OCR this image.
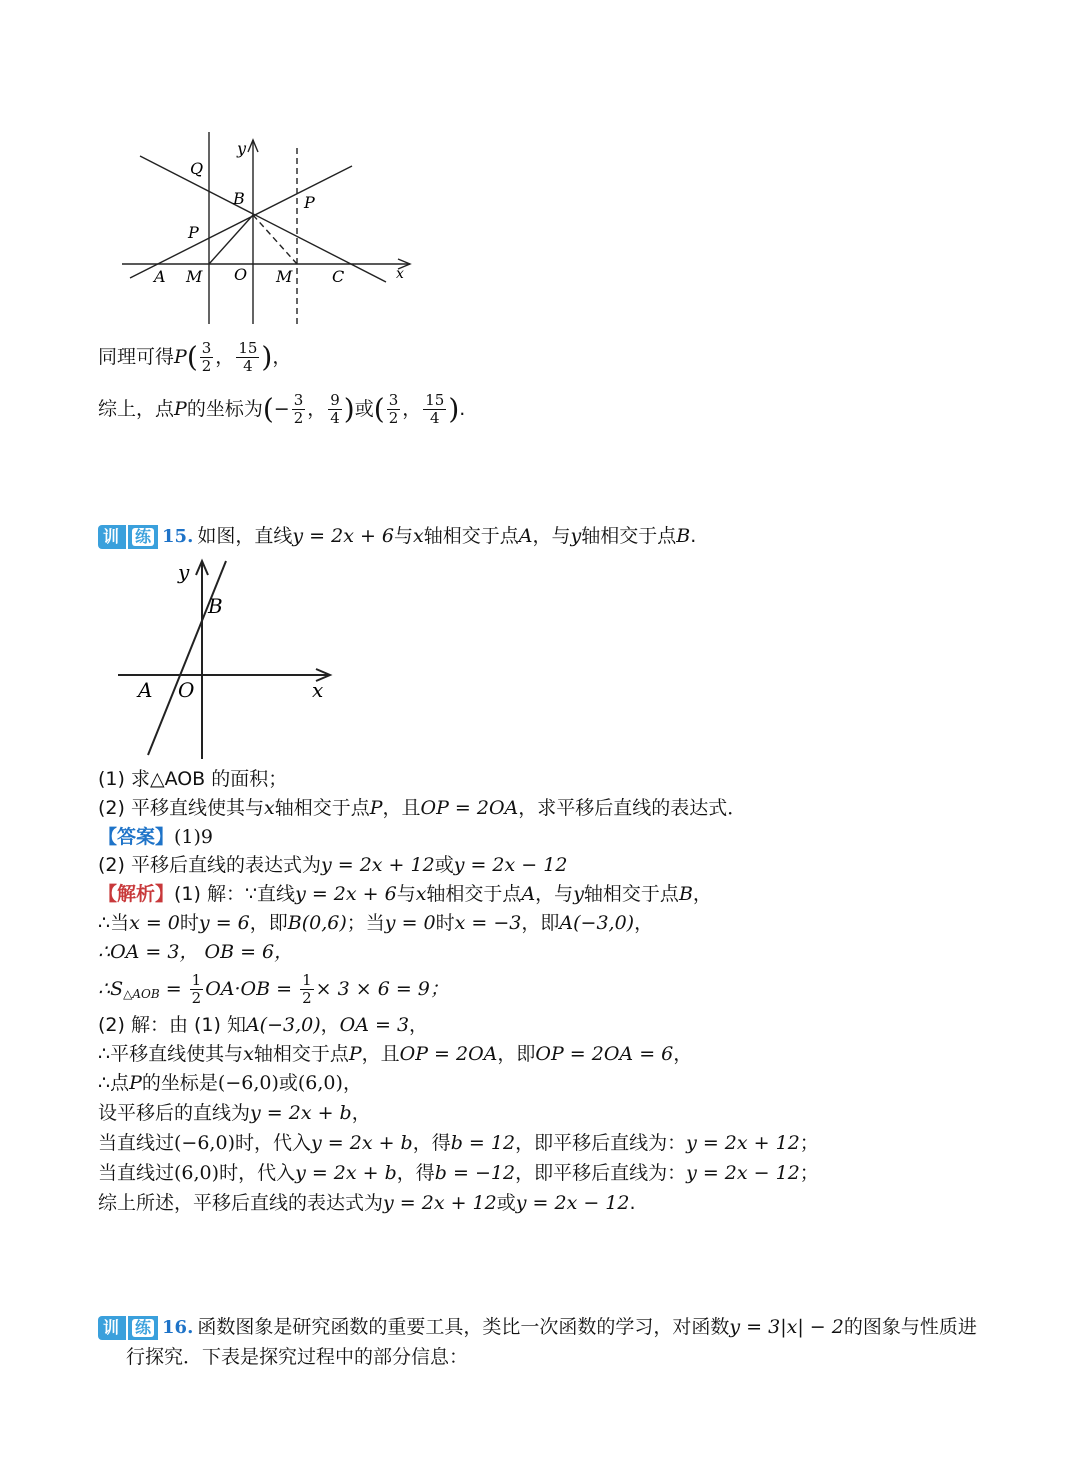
y
Q
B	P
P
A M O M C	x
同理可得$P( \frac{3}{2}$ ， $\frac{15}{4}$ )，
综上，点P的坐标为(− $\frac{3}{2}$ ， $\frac{9}{4}$ )或( $\frac{3}{2}$ ， $\frac{15}{4}$ ).
训 练 15. 如图，直线y = 2x + 6与x轴相交于点A，与y轴相交于点B.
y
B
A O	x
(1) 求△AOB 的面积；
(2) 平移直线使其与x轴相交于点P，且OP = 2OA，求平移后直线的表达式．
【答案】(1)9
(2) 平移后直线的表达式为y = 2x + 12或y = 2x − 12
【解析】(1) 解：∵直线y = 2x + 6与x轴相交于点A，与y轴相交于点B，
∴当x = 0时y = 6，即B(0,6)；当y = 0时x = −3，即A(−3,0)，
∴OA = 3， OB = 6，
$\therefore S_{\triangle AOB} = \frac{1}{2} OA\cdot OB = \frac{1}{2} \times 3 \times 6 = 9$；
(2) 解：由 (1) 知A(−3,0)，OA = 3，
∴平移直线使其与x轴相交于点P，且OP = 2OA，即OP = 2OA = 6，
∴点P的坐标是(−6,0)或(6,0)，
设平移后的直线为y = 2x + b，
当直线过(−6,0)时，代入y = 2x + b，得b = 12，即平移后直线为：y = 2x + 12；
当直线过(6,0)时，代入y = 2x + b，得b = −12，即平移后直线为：y = 2x − 12；
综上所述，平移后直线的表达式为y = 2x + 12或y = 2x − 12.
训 练 16. 函数图象是研究函数的重要工具，类比一次函数的学习，对函数y = 3|x| − 2的图象与性质进
行探究．下表是探究过程中的部分信息：
